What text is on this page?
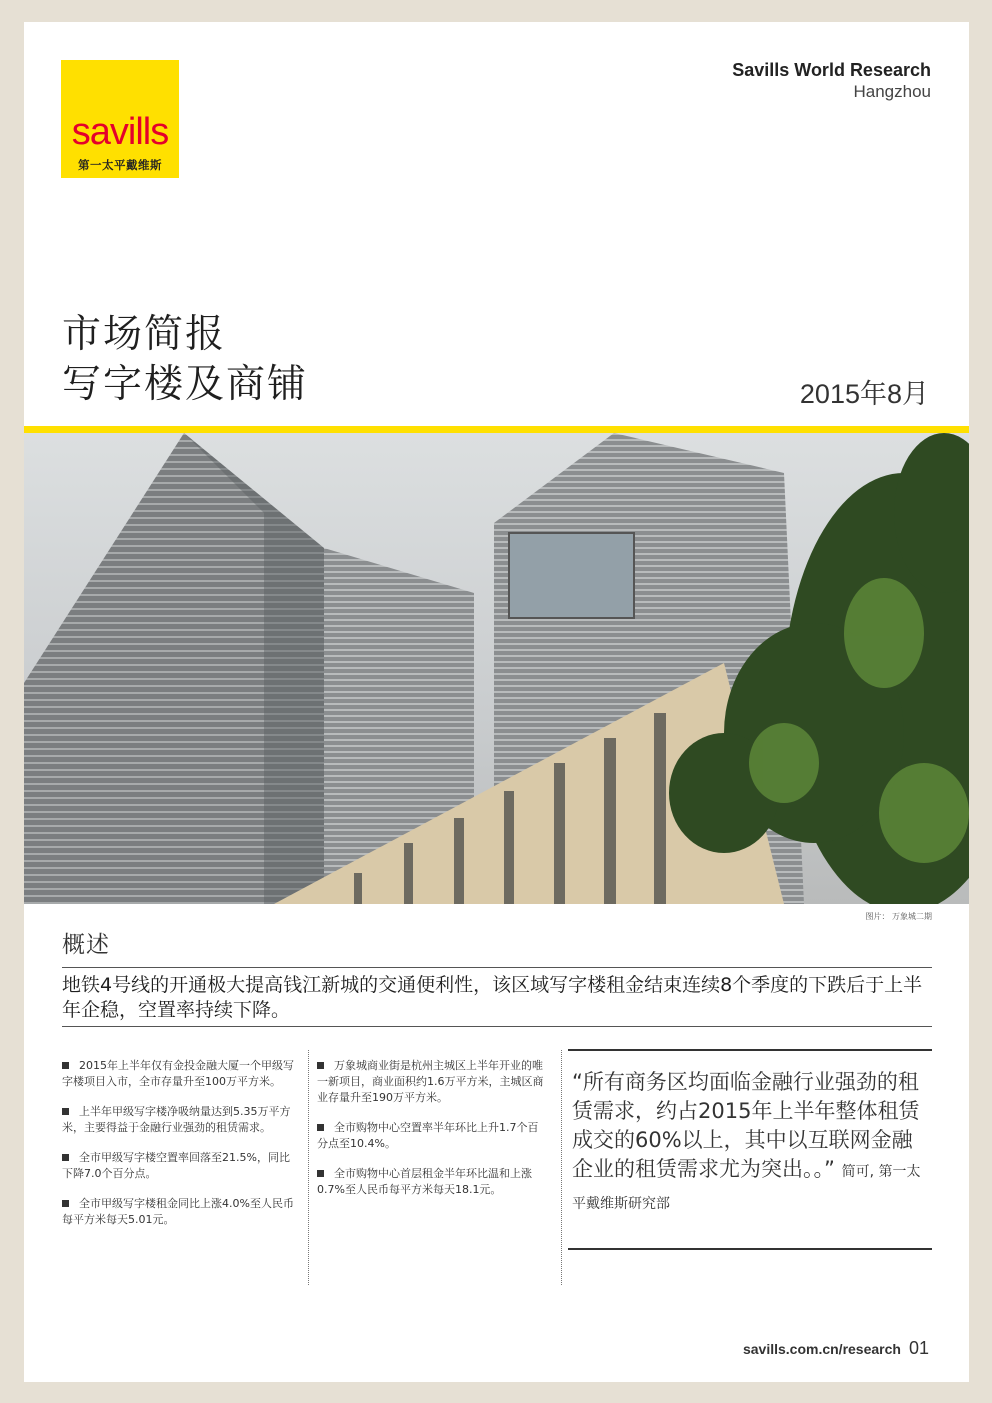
savills
第一太平戴维斯
Savills World Research
Hangzhou
市场简报
写字楼及商铺	2015年8月
图片： 万象城二期
概述
地铁4号线的开通极大提高钱江新城的交通便利性，该区域写字楼租金结束连续8个季度的下跌后于上半年企稳，空置率持续下降。

2015年上半年仅有金投金融大厦一个甲级写字楼项目入市，全市存量升至100万平方米。

上半年甲级写字楼净吸纳量达到5.35万平方米，主要得益于金融行业强劲的租赁需求。

全市甲级写字楼空置率回落至21.5%，同比下降7.0个百分点。

全市甲级写字楼租金同比上涨4.0%至人民币每平方米每天5.01元。

万象城商业街是杭州主城区上半年开业的唯一新项目，商业面积约1.6万平方米，主城区商业存量升至190万平方米。

全市购物中心空置率半年环比上升1.7个百分点至10.4%。

全市购物中心首层租金半年环比温和上涨0.7%至人民币每平方米每天18.1元。

“所有商务区均面临金融行业强劲的租赁需求，约占2015年上半年整体租赁成交的60%以上，其中以互联网金融企业的租赁需求尤为突出。。” 简可, 第一太平戴维斯研究部
savills.com.cn/research 01
